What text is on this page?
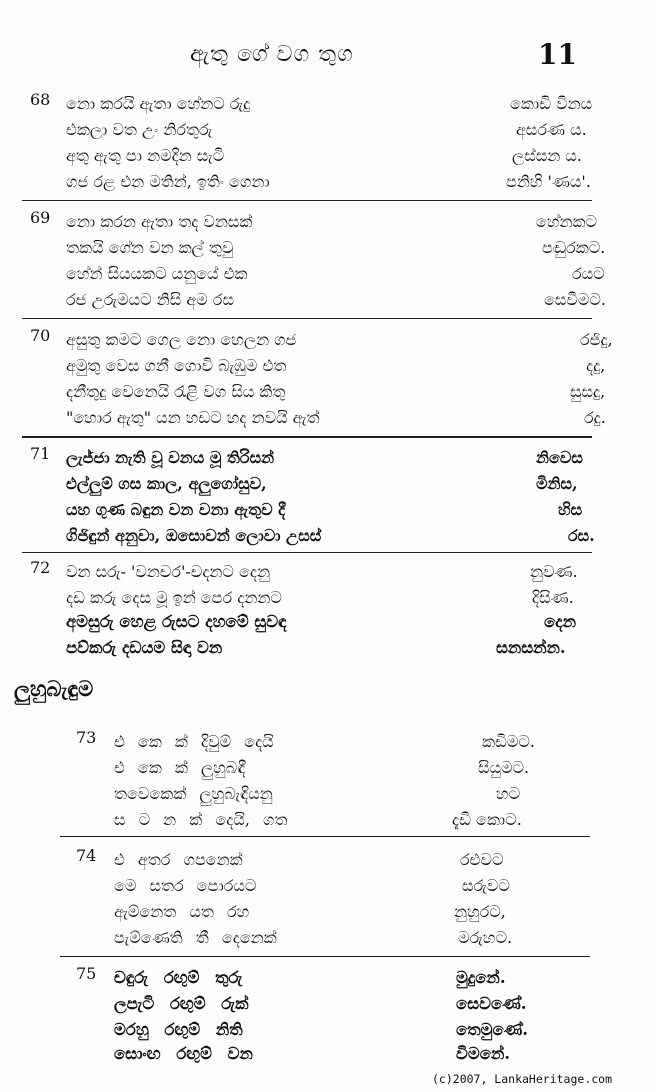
ඇතු ගේ වග තුග	11
68 නො කරයි ඇතා හේනට රුදු	කොඩි විනය
එකලා වත උං නිරතුරු	අසරණ ය.
අතු ඇතු පා නමදින සැටි	ලස්සන ය.
ගජ රළ එන මතින්, ඉතිං ගෙනා	පනිහි 'ණය'.
69 නො කරන ඇතා තද වනසක්	හේනකට
තකයි ගේන වන කල් තුවු	පඬුරකට.
හේන් සියයකට යනුයේ එක	රයට
රජ උරුමයට නිසි අම රස	සෙවීමට.
70 අසුතු කමට ගෙල නො හෙලන ගජ	රජිදු,
අමුතු වෙස ගනී ගොවි බැඹුම එත	දදු,
දනීතුදු වෙනෙයි රැළි වග සිය කිතු	සුසදු,
"හොර ඇතු" යන හඩට හද නවයි ඇත්	රදු.
71 ලැජ්ජා නැති වූ වනය මූ තිරිසන්	නිවෙස
එල්ලුම් ගස කාල, අලුගෝසුව,	මිනිස,
යහ ගුණ බඳුන වන වනා ඇතුව දී	හිස
ගිජිඳුන් අනුවා, ඔසොවන් ලොවා උසස්	රස.
72 වන සරු- 'වනචර'-චදනට දෙනු	නුවණ.
දඩ කරු දෙස මූ ඉන් පෙර දනනට	දිසිණ.
අමසුරු හෙළ රුසට දහමේ සුවඳ	දෙන
පව්කරු දඩයම සිඳා වන	සනසන්න.
ලුහුබැඳුම
73 එ කෙ ක් දිවුම් දෙයි	කඩිමට.
එ කෙ ක් ලුහුබඳී	සියුමට.
තවෙකෙක් ලුහුබැඳියනු	හට
ස ට න ක් දෙයි, ගත	දැඩි කොට.
74 එ අතර ගපනෙක්	රළුවට
මෙ සතර පොරයට	සරුවට
ඇම්නෙත යත රහ	නුහුරට,
පැම්ණෙති තී දෙනෙක්	මරුහට.
75 චඳුරු රඟුම් තුරු	මුදුනේ.
ලපැටි රඟුම් රුක්	සෙවණේ.
මරහු රඟුම් නිති	තෙමුණේ.
සොංඟ රඟුම් වන	විමනේ.
(c)2007, LankaHeritage.com
